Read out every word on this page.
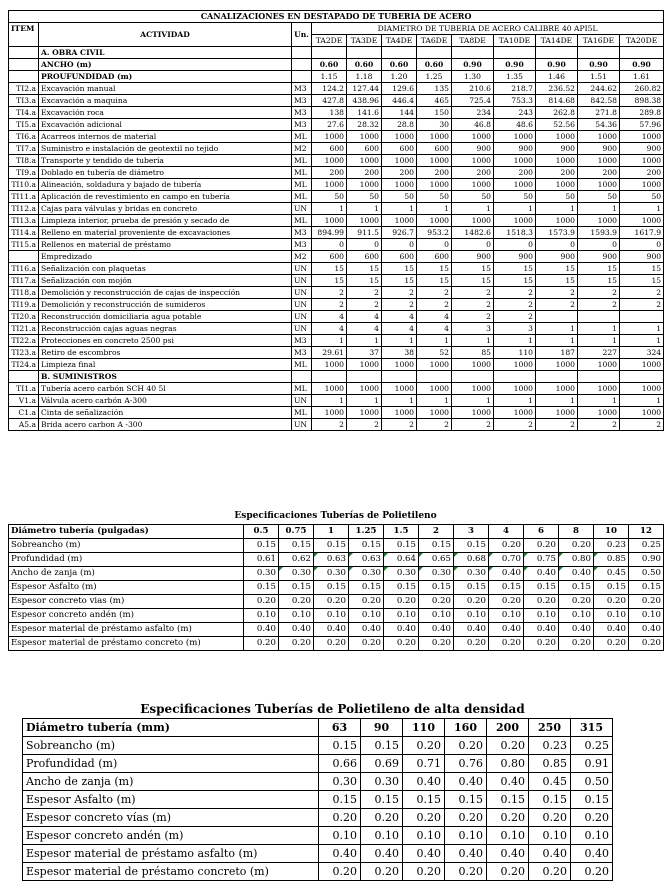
CANALIZACIONES EN DESTAPADO DE TUBERIA DE ACERO											
ITEM	ACTIVIDAD	Un.	DIAMETRO DE TUBERIA DE ACERO CALIBRE 40 API5L								
			TA2DE	TA3DE	TA4DE	TA6DE	TA8DE	TA10DE	TA14DE	TA16DE	TA20DE
	A. OBRA CIVIL										
	ANCHO (m)		0.60	0.60	0.60	0.60	0.90	0.90	0.90	0.90	0.90
	PROUFUNDIDAD (m)		1.15	1.18	1.20	1.25	1.30	1.35	1.46	1.51	1.61
TI2.a	Excavación manual	M3	124.2	127.44	129.6	135	210.6	218.7	236.52	244.62	260.82
TI3.a	Excavación a maquina	M3	427.8	438.96	446.4	465	725.4	753.3	814.68	842.58	898.38
TI4.a	Excavación roca	M3	138	141.6	144	150	234	243	262.8	271.8	289.8
TI5.a	Excavación adicional	M3	27.6	28.32	28.8	30	46.8	48.6	52.56	54.36	57.96
TI6.a	Acarreos internos de material	ML	1000	1000	1000	1000	1000	1000	1000	1000	1000
TI7.a	Suministro e instalación de geotextil no tejido	M2	600	600	600	600	900	900	900	900	900
TI8.a	Transporte y tendido de tubería	ML	1000	1000	1000	1000	1000	1000	1000	1000	1000
TI9.a	Doblado en tubería de diámetro	ML	200	200	200	200	200	200	200	200	200
TI10.a	Alineación, soldadura y bajado de tubería	ML	1000	1000	1000	1000	1000	1000	1000	1000	1000
TI11.a	Aplicación de revestimiento en campo en tubería	ML	50	50	50	50	50	50	50	50	50
TI12.a	Cajas para válvulas y bridas en concreto	UN	1	1	1	1	1	1	1	1	1
TI13.a	Limpieza interior, prueba de presión y secado de	ML	1000	1000	1000	1000	1000	1000	1000	1000	1000
TI14.a	Relleno en material proveniente de excavaciones	M3	894.99	911.5	926.7	953.2	1482.6	1518.3	1573.9	1593.9	1617.9
TI15.a	Rellenos en material de préstamo	M3	0	0	0	0	0	0	0	0	0
	Empredizado	M2	600	600	600	600	900	900	900	900	900
TI16.a	Señalización con plaquetas	UN	15	15	15	15	15	15	15	15	15
TI17.a	Señalización con mojón	UN	15	15	15	15	15	15	15	15	15
TI18.a	Demolición y reconstrucción de cajas de inspección	UN	2	2	2	2	2	2	2	2	2
TI19.a	Demolición y reconstrucción de sumideros	UN	2	2	2	2	2	2	2	2	2
TI20.a	Reconstrucción domiciliaria agua potable	UN	4	4	4	4	2	2			
TI21.a	Reconstrucción cajas aguas negras	UN	4	4	4	4	3	3	1	1	1
TI22.a	Protecciones en concreto 2500 psi	M3	1	1	1	1	1	1	1	1	1
TI23.a	Retiro de escombros	M3	29.61	37	38	52	85	110	187	227	324
TI24.a	Limpieza final	ML	1000	1000	1000	1000	1000	1000	1000	1000	1000
	B. SUMINISTROS										
TI1.a	Tubería acero carbón SCH 40 5l	ML	1000	1000	1000	1000	1000	1000	1000	1000	1000
V1.a	Válvula acero carbón A-300	UN	1	1	1	1	1	1	1	1	1
C1.a	Cinta de señalización	ML	1000	1000	1000	1000	1000	1000	1000	1000	1000
A5.a	Brida acero carbon A -300	UN	2	2	2	2	2	2	2	2	2
Especificaciones Tuberías de Polietileno
Diámetro tubería (pulgadas)	0.5	0.75	1	1.25	1.5	2	3	4	6	8	10	12
Sobreancho (m)	0.15	0.15	0.15	0.15	0.15	0.15	0.15	0.20	0.20	0.20	0.23	0.25
Profundidad (m)	0.61	0.62	0.63	0.63	0.64	0.65	0.68	0.70	0.75	0.80	0.85	0.90
Ancho de zanja (m)	0.30	0.30	0.30	0.30	0.30	0.30	0.30	0.40	0.40	0.40	0.45	0.50
Espesor Asfalto (m)	0.15	0.15	0.15	0.15	0.15	0.15	0.15	0.15	0.15	0.15	0.15	0.15
Espesor concreto vias (m)	0.20	0.20	0.20	0.20	0.20	0.20	0.20	0.20	0.20	0.20	0.20	0.20
Espesor concreto andén (m)	0.10	0.10	0.10	0.10	0.10	0.10	0.10	0.10	0.10	0.10	0.10	0.10
Espesor material de préstamo asfalto (m)	0.40	0.40	0.40	0.40	0.40	0.40	0.40	0.40	0.40	0.40	0.40	0.40
Espesor material de préstamo concreto (m)	0.20	0.20	0.20	0.20	0.20	0.20	0.20	0.20	0.20	0.20	0.20	0.20
Especificaciones Tuberías de Polietileno de alta densidad
Diámetro tubería (mm)	63	90	110	160	200	250	315
Sobreancho (m)	0.15	0.15	0.20	0.20	0.20	0.23	0.25
Profundidad (m)	0.66	0.69	0.71	0.76	0.80	0.85	0.91
Ancho de zanja (m)	0.30	0.30	0.40	0.40	0.40	0.45	0.50
Espesor Asfalto (m)	0.15	0.15	0.15	0.15	0.15	0.15	0.15
Espesor concreto vías (m)	0.20	0.20	0.20	0.20	0.20	0.20	0.20
Espesor concreto andén (m)	0.10	0.10	0.10	0.10	0.10	0.10	0.10
Espesor material de préstamo asfalto (m)	0.40	0.40	0.40	0.40	0.40	0.40	0.40
Espesor material de préstamo concreto (m)	0.20	0.20	0.20	0.20	0.20	0.20	0.20
